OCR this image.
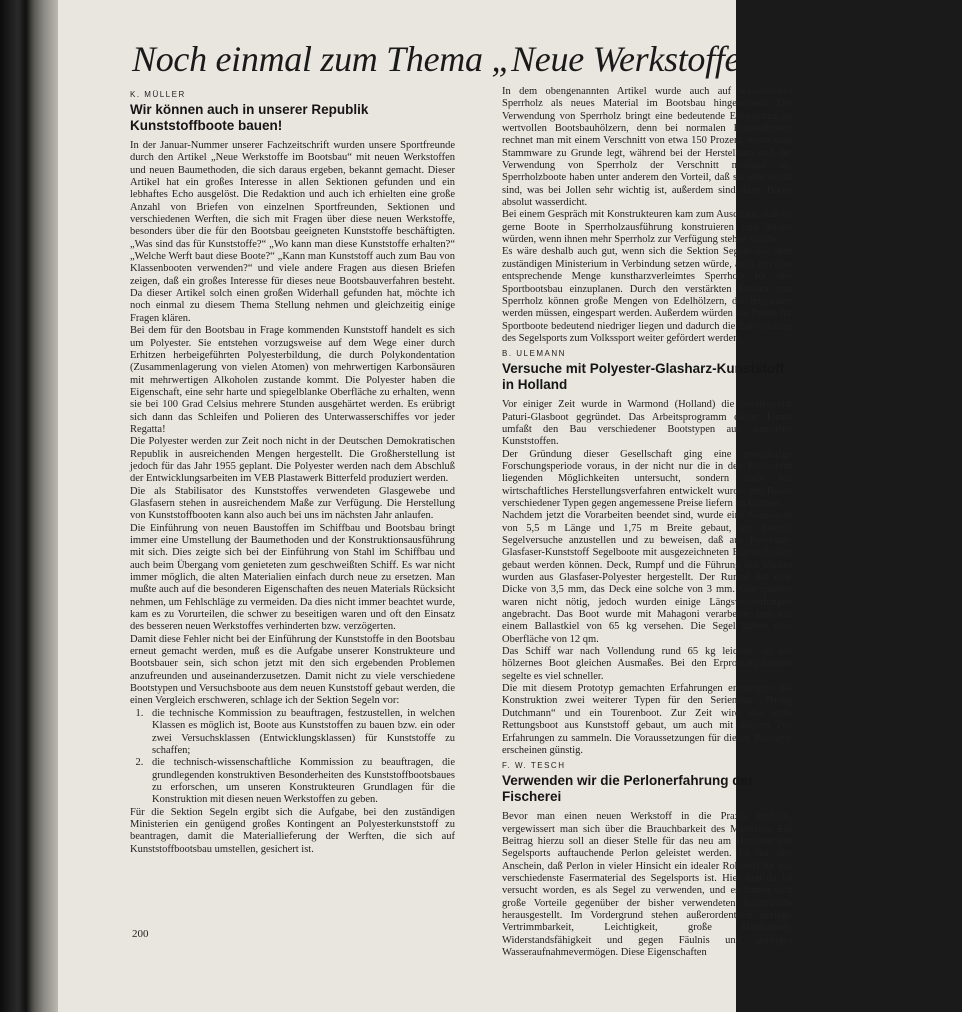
Noch einmal zum Thema „Neue Werkstoffe im Segelsport“
K. MÜLLER
Wir können auch in unserer Republik Kunststoffboote bauen!

In der Januar-Nummer unserer Fachzeitschrift wurden unsere Sportfreunde durch den Artikel „Neue Werkstoffe im Bootsbau“ mit neuen Werkstoffen und neuen Baumethoden, die sich daraus ergeben, bekannt gemacht. Dieser Artikel hat ein großes Interesse in allen Sektionen gefunden und ein lebhaftes Echo ausgelöst. Die Redaktion und auch ich erhielten eine große Anzahl von Briefen von einzelnen Sportfreunden, Sektionen und verschiedenen Werften, die sich mit Fragen über diese neuen Werkstoffe, besonders über die für den Bootsbau geeigneten Kunststoffe beschäftigten. „Was sind das für Kunststoffe?“ „Wo kann man diese Kunststoffe erhalten?“ „Welche Werft baut diese Boote?“ „Kann man Kunststoff auch zum Bau von Klassenbooten verwenden?“ und viele andere Fragen aus diesen Briefen zeigen, daß ein großes Interesse für dieses neue Bootsbauverfahren besteht. Da dieser Artikel solch einen großen Widerhall gefunden hat, möchte ich noch einmal zu diesem Thema Stellung nehmen und gleichzeitig einige Fragen klären.

Bei dem für den Bootsbau in Frage kommenden Kunststoff handelt es sich um Polyester. Sie entstehen vorzugsweise auf dem Wege einer durch Erhitzen herbeigeführten Polyesterbildung, die durch Polykondentation (Zusammenlagerung von vielen Atomen) von mehrwertigen Karbonsäuren mit mehrwertigen Alkoholen zustande kommt. Die Polyester haben die Eigenschaft, eine sehr harte und spiegelblanke Oberfläche zu erhalten, wenn sie bei 100 Grad Celsius mehrere Stunden ausgehärtet werden. Es erübrigt sich dann das Schleifen und Polieren des Unterwasserschiffes vor jeder Regatta!

Die Polyester werden zur Zeit noch nicht in der Deutschen Demokratischen Republik in ausreichenden Mengen hergestellt. Die Großherstellung ist jedoch für das Jahr 1955 geplant. Die Polyester werden nach dem Abschluß der Entwicklungsarbeiten im VEB Plastawerk Bitterfeld produziert werden.

Die als Stabilisator des Kunststoffes verwendeten Glasgewebe und Glasfasern stehen in ausreichendem Maße zur Verfügung. Die Herstellung von Kunststoffbooten kann also auch bei uns im nächsten Jahr anlaufen.

Die Einführung von neuen Baustoffen im Schiffbau und Bootsbau bringt immer eine Umstellung der Baumethoden und der Konstruktionsausführung mit sich. Dies zeigte sich bei der Einführung von Stahl im Schiffbau und auch beim Übergang vom genieteten zum geschweißten Schiff. Es war nicht immer möglich, die alten Materialien einfach durch neue zu ersetzen. Man mußte auch auf die besonderen Eigenschaften des neuen Materials Rücksicht nehmen, um Fehlschläge zu vermeiden. Da dies nicht immer beachtet wurde, kam es zu Vorurteilen, die schwer zu beseitigen waren und oft den Einsatz des besseren neuen Werkstoffes verhinderten bzw. verzögerten.

Damit diese Fehler nicht bei der Einführung der Kunststoffe in den Bootsbau erneut gemacht werden, muß es die Aufgabe unserer Konstrukteure und Bootsbauer sein, sich schon jetzt mit den sich ergebenden Problemen anzufreunden und auseinanderzusetzen. Damit nicht zu viele verschiedene Bootstypen und Versuchsboote aus dem neuen Kunststoff gebaut werden, die einen Vergleich erschweren, schlage ich der Sektion Segeln vor:

1. die technische Kommission zu beauftragen, festzustellen, in welchen Klassen es möglich ist, Boote aus Kunststoffen zu bauen bzw. ein oder zwei Versuchsklassen (Entwicklungsklassen) für Kunststoffe zu schaffen;
2. die technisch-wissenschaftliche Kommission zu beauftragen, die grundlegenden konstruktiven Besonderheiten des Kunststoffbootsbaues zu erforschen, um unseren Konstrukteuren Grundlagen für die Konstruktion mit diesen neuen Werkstoffen zu geben.

Für die Sektion Segeln ergibt sich die Aufgabe, bei den zuständigen Ministerien ein genügend großes Kontingent an Polyesterkunststoff zu beantragen, damit die Materiallieferung der Werften, die sich auf Kunststoffbootsbau umstellen, gesichert ist.

In dem obengenannten Artikel wurde auch auf wasserfestes Sperrholz als neues Material im Bootsbau hingewiesen. Die Verwendung von Sperrholz bringt eine bedeutende Einsparung an wertvollen Bootsbauhölzern, denn bei normalen Baumethoden rechnet man mit einem Verschnitt von etwa 150 Prozent, wenn man Stammware zu Grunde legt, während bei der Herstellung und der Verwendung von Sperrholz der Verschnitt minimal ist. Sperrholzboote haben unter anderem den Vorteil, daß sie sehr leicht sind, was bei Jollen sehr wichtig ist, außerdem sind diese Boote absolut wasserdicht.

Bei einem Gespräch mit Konstrukteuren kam zum Ausdruck, daß sie gerne Boote in Sperrholzausführung konstruieren und bauen würden, wenn ihnen mehr Sperrholz zur Verfügung stehen würde.

Es wäre deshalb auch gut, wenn sich die Sektion Segeln mit dem zuständigen Ministerium in Verbindung setzen würde, auch um eine entsprechende Menge kunstharzverleimtes Sperrholz für den Sportbootsbau einzuplanen. Durch den verstärkten Einsatz von Sperrholz können große Mengen von Edelhölzern, die importiert werden müssen, eingespart werden. Außerdem würden die Preise für Sportboote bedeutend niedriger liegen und dadurch die Entwicklung des Segelsports zum Volkssport weiter gefördert werden.

B. ULEMANN
Versuche mit Polyester-Glasharz-Kunststoff in Holland

Vor einiger Zeit wurde in Warmond (Holland) die Schiffswerft Paturi-Glasboot gegründet. Das Arbeitsprogramm dieser Firma umfaßt den Bau verschiedener Bootstypen aus armierten Kunststoffen.

Der Gründung dieser Gesellschaft ging eine zweijährige Forschungsperiode voraus, in der nicht nur die in den Polyestern liegenden Möglichkeiten untersucht, sondern auch ein wirtschaftliches Herstellungsverfahren entwickelt wurde, um Boote verschiedener Typen gegen angemessene Preise liefern zu können.

Nachdem jetzt die Vorarbeiten beendet sind, wurde eine Segeljacht von 5,5 m Länge und 1,75 m Breite gebaut, um hiermit Segelversuche anzustellen und zu beweisen, daß aus Polyester-Glasfaser-Kunststoff Segelboote mit ausgezeichneten Eigenschaften gebaut werden können. Deck, Rumpf und die Führung des Mastes wurden aus Glasfaser-Polyester hergestellt. Der Rumpf hat eine Dicke von 3,5 mm, das Deck eine solche von 3 mm. Querspanten waren nicht nötig, jedoch wurden einige Längsversteifungen angebracht. Das Boot wurde mit Mahagoni verarbeitet und mit einem Ballastkiel von 65 kg versehen. Die Segel haben eine Oberfläche von 12 qm.

Das Schiff war nach Vollendung rund 65 kg leichter als ein hölzernes Boot gleichen Ausmaßes. Bei den Erprobungsfahrten segelte es viel schneller.

Die mit diesem Prototyp gemachten Erfahrungen ermutigten die Konstruktion zwei weiterer Typen für den Serienbau „Flying Dutchmann“ und ein Tourenboot. Zur Zeit wird das erste Rettungsboot aus Kunststoff gebaut, um auch mit diesem Typ Erfahrungen zu sammeln. Die Voraussetzungen für diesen Bootstyp erscheinen günstig.

F. W. TESCH
Verwenden wir die Perlonerfahrung der Fischerei

Bevor man einen neuen Werkstoff in die Praxis einführt, vergewissert man sich über die Brauchbarkeit des Materials. Ein Beitrag hierzu soll an dieser Stelle für das neu am Horizont des Segelsports auftauchende Perlon geleistet werden. Es hat den Anschein, daß Perlon in vieler Hinsicht ein idealer Rohstoff für das verschiedenste Fasermaterial des Segelsports ist. Hier und da ist versucht worden, es als Segel zu verwenden, und es hatten sich große Vorteile gegenüber der bisher verwendeten Baumwolle herausgestellt. Im Vordergrund stehen außerordentlich geringe Vertrimmbarkeit, Leichtigkeit, große Haltbarkeit, Widerstandsfähigkeit und gegen Fäulnis und geringes Wasseraufnahmevermögen. Diese Eigenschaften

200
